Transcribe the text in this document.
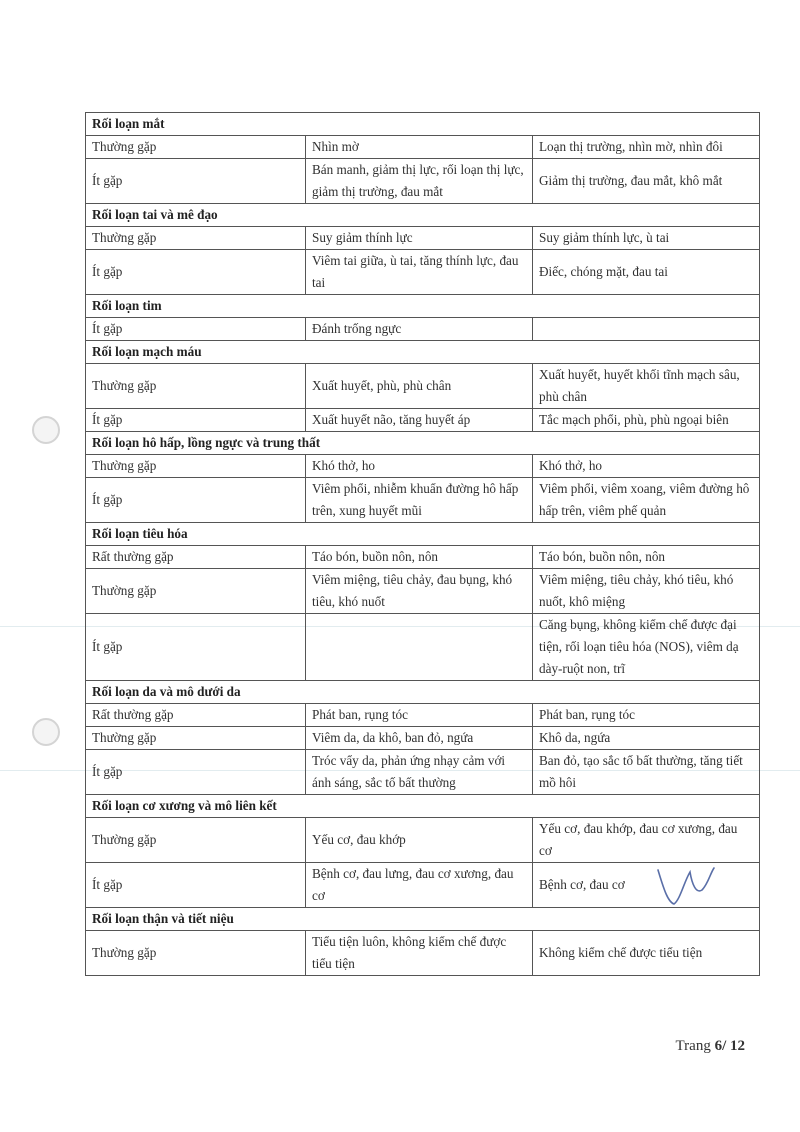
Rối loạn mắt		
Thường gặp	Nhìn mờ	Loạn thị trường, nhìn mờ, nhìn đôi
Ít gặp	Bán manh, giảm thị lực, rối loạn thị lực, giảm thị trường, đau mắt	Giảm thị trường, đau mắt, khô mắt
Rối loạn tai và mê đạo		
Thường gặp	Suy giảm thính lực	Suy giảm thính lực, ù tai
Ít gặp	Viêm tai giữa, ù tai, tăng thính lực, đau tai	Điếc, chóng mặt, đau tai
Rối loạn tim		
Ít gặp	Đánh trống ngực	
Rối loạn mạch máu		
Thường gặp	Xuất huyết, phù, phù chân	Xuất huyết, huyết khối tĩnh mạch sâu, phù chân
Ít gặp	Xuất huyết não, tăng huyết áp	Tắc mạch phổi, phù, phù ngoại biên
Rối loạn hô hấp, lồng ngực và trung thất		
Thường gặp	Khó thở, ho	Khó thở, ho
Ít gặp	Viêm phổi, nhiễm khuẩn đường hô hấp trên, xung huyết mũi	Viêm phổi, viêm xoang, viêm đường hô hấp trên, viêm phế quản
Rối loạn tiêu hóa		
Rất thường gặp	Táo bón, buồn nôn, nôn	Táo bón, buồn nôn, nôn
Thường gặp	Viêm miệng, tiêu chảy, đau bụng, khó tiêu, khó nuốt	Viêm miệng, tiêu chảy, khó tiêu, khó nuốt, khô miệng
Ít gặp		Căng bụng, không kiểm chế được đại tiện, rối loạn tiêu hóa (NOS), viêm dạ dày-ruột non, trĩ
Rối loạn da và mô dưới da		
Rất thường gặp	Phát ban, rụng tóc	Phát ban, rụng tóc
Thường gặp	Viêm da, da khô, ban đỏ, ngứa	Khô da, ngứa
Ít gặp	Tróc vẩy da, phản ứng nhạy cảm với ánh sáng, sắc tố bất thường	Ban đỏ, tạo sắc tố bất thường, tăng tiết mồ hôi
Rối loạn cơ xương và mô liên kết		
Thường gặp	Yếu cơ, đau khớp	Yếu cơ, đau khớp, đau cơ xương, đau cơ
Ít gặp	Bệnh cơ, đau lưng, đau cơ xương, đau cơ	Bệnh cơ, đau cơ
Rối loạn thận và tiết niệu		
Thường gặp	Tiểu tiện luôn, không kiểm chế được tiểu tiện	Không kiểm chế được tiểu tiện
Trang 6/ 12
